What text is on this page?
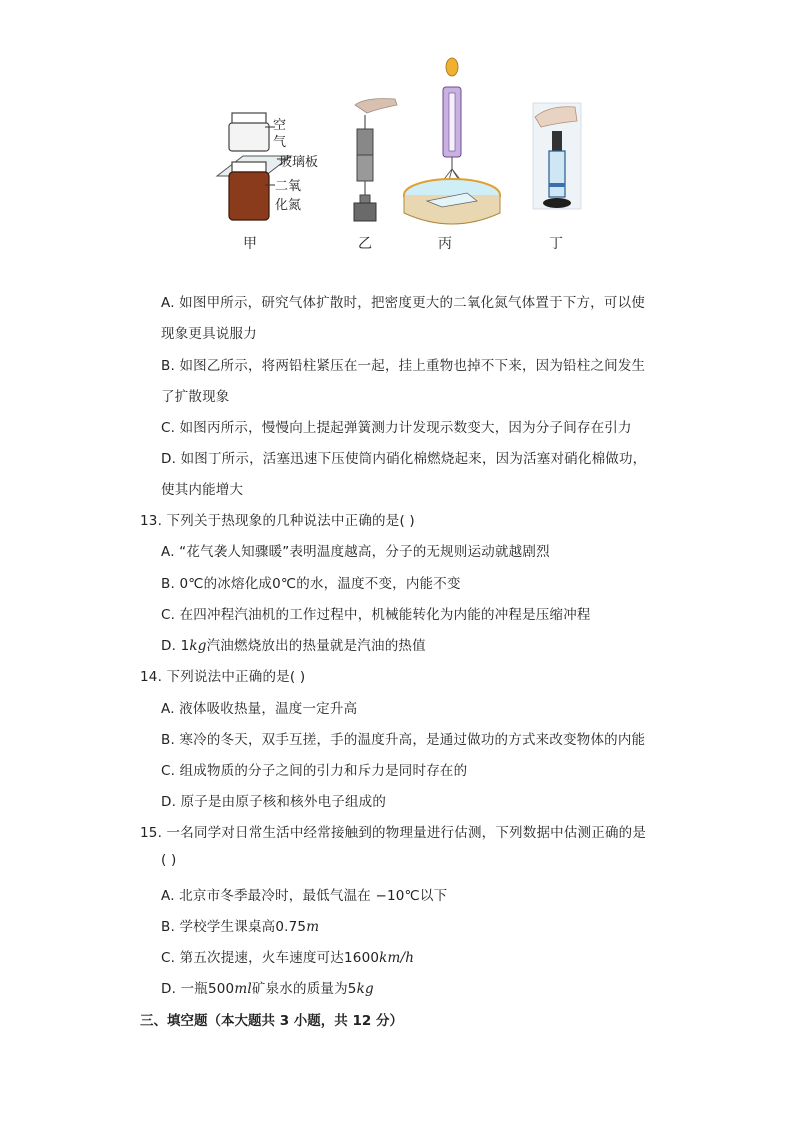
空
气
玻璃板
二氧
化氮
甲	乙	丙	丁
A. 如图甲所示，研究气体扩散时，把密度更大的二氧化氮气体置于下方，可以使
现象更具说服力
B. 如图乙所示，将两铅柱紧压在一起，挂上重物也掉不下来，因为铅柱之间发生
了扩散现象
C. 如图丙所示，慢慢向上提起弹簧测力计发现示数变大，因为分子间存在引力
D. 如图丁所示，活塞迅速下压使筒内硝化棉燃烧起来，因为活塞对硝化棉做功，
使其内能增大
13. 下列关于热现象的几种说法中正确的是( )
A. “花气袭人知骤暖”表明温度越高，分子的无规则运动就越剧烈
B. 0℃的冰熔化成0℃的水，温度不变，内能不变
C. 在四冲程汽油机的工作过程中，机械能转化为内能的冲程是压缩冲程
D. 1kg汽油燃烧放出的热量就是汽油的热值
14. 下列说法中正确的是( )
A. 液体吸收热量，温度一定升高
B. 寒冷的冬天，双手互搓，手的温度升高，是通过做功的方式来改变物体的内能
C. 组成物质的分子之间的引力和斥力是同时存在的
D. 原子是由原子核和核外电子组成的
15. 一名同学对日常生活中经常接触到的物理量进行估测，下列数据中估测正确的是
( )
A. 北京市冬季最冷时，最低气温在 −10℃以下
B. 学校学生课桌高0.75m
C. 第五次提速，火车速度可达1600km/h
D. 一瓶500ml矿泉水的质量为5kg
三、填空题（本大题共 3 小题，共 12 分）
